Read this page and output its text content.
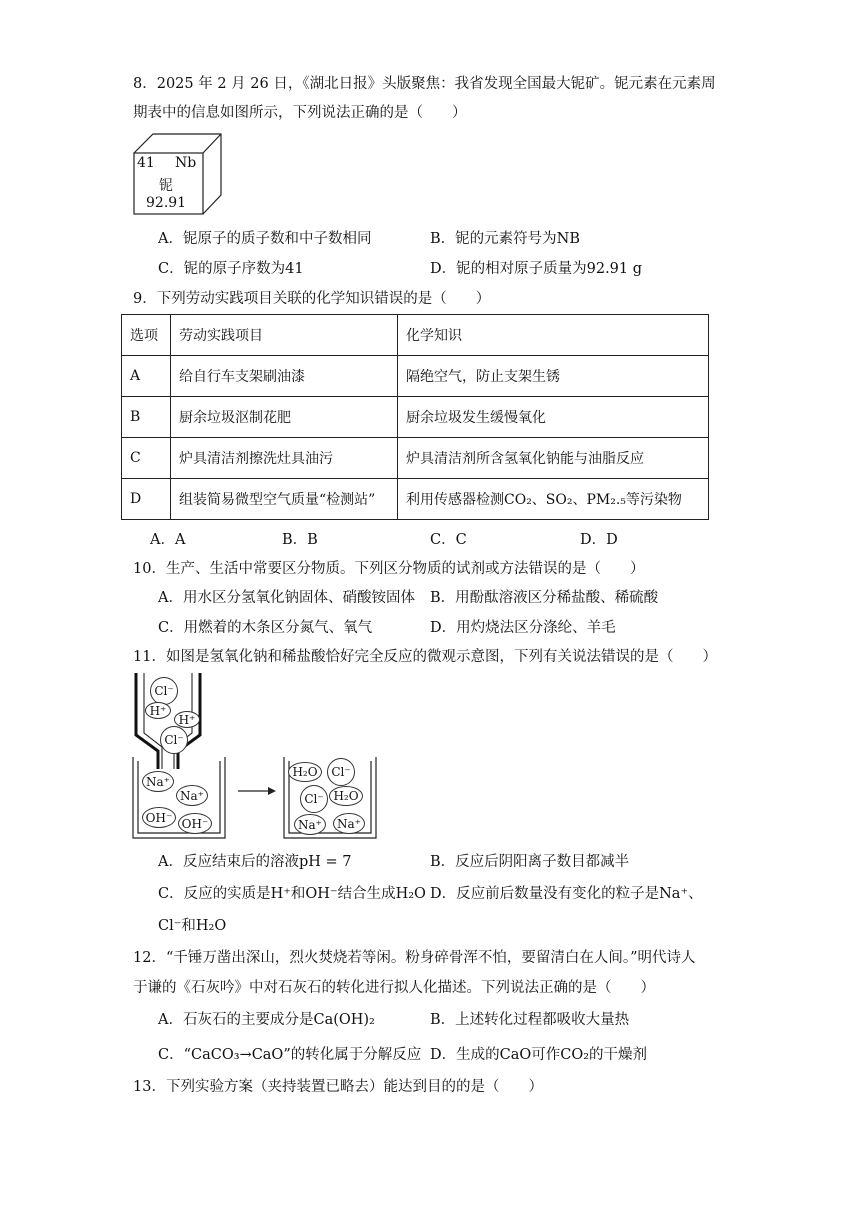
8．2025 年 2 月 26 日，《湖北日报》头版聚焦：我省发现全国最大铌矿。铌元素在元素周
期表中的信息如图所示，下列说法正确的是（　　）
41 Nb
铌
92.91
A．铌原子的质子数和中子数相同	B．铌的元素符号为NB
C．铌的原子序数为41	D．铌的相对原子质量为92.91 g
9．下列劳动实践项目关联的化学知识错误的是（　　）
选项	劳动实践项目	化学知识
A	给自行车支架刷油漆	隔绝空气，防止支架生锈
B	厨余垃圾沤制花肥	厨余垃圾发生缓慢氧化
C	炉具清洁剂擦洗灶具油污	炉具清洁剂所含氢氧化钠能与油脂反应
D	组装简易微型空气质量“检测站”	利用传感器检测CO₂、SO₂、PM₂.₅等污染物
A．A	B．B	C．C	D．D
10．生产、生活中常要区分物质。下列区分物质的试剂或方法错误的是（　　）
A．用水区分氢氧化钠固体、硝酸铵固体 B．用酚酞溶液区分稀盐酸、稀硫酸
C．用燃着的木条区分氮气、氧气	D．用灼烧法区分涤纶、羊毛
11．如图是氢氧化钠和稀盐酸恰好完全反应的微观示意图，下列有关说法错误的是（　　）
Cl⁻
H⁺
H⁺
Cl⁻
Na⁺
Na⁺
OH⁻ OH⁻
H₂O	Cl⁻
H₂O
Cl⁻
Na⁺	Na⁺
A．反应结束后的溶液pH = 7	B．反应后阴阳离子数目都减半
C．反应的实质是H⁺和OH⁻结合生成H₂O D．反应前后数量没有变化的粒子是Na⁺、
Cl⁻和H₂O
12．“千锤万凿出深山，烈火焚烧若等闲。粉身碎骨浑不怕，要留清白在人间。”明代诗人
于谦的《石灰吟》中对石灰石的转化进行拟人化描述。下列说法正确的是（　　）
A．石灰石的主要成分是Ca(OH)₂	B．上述转化过程都吸收大量热
C．“CaCO₃→CaO”的转化属于分解反应 D．生成的CaO可作CO₂的干燥剂
13．下列实验方案（夹持装置已略去）能达到目的的是（　　）
